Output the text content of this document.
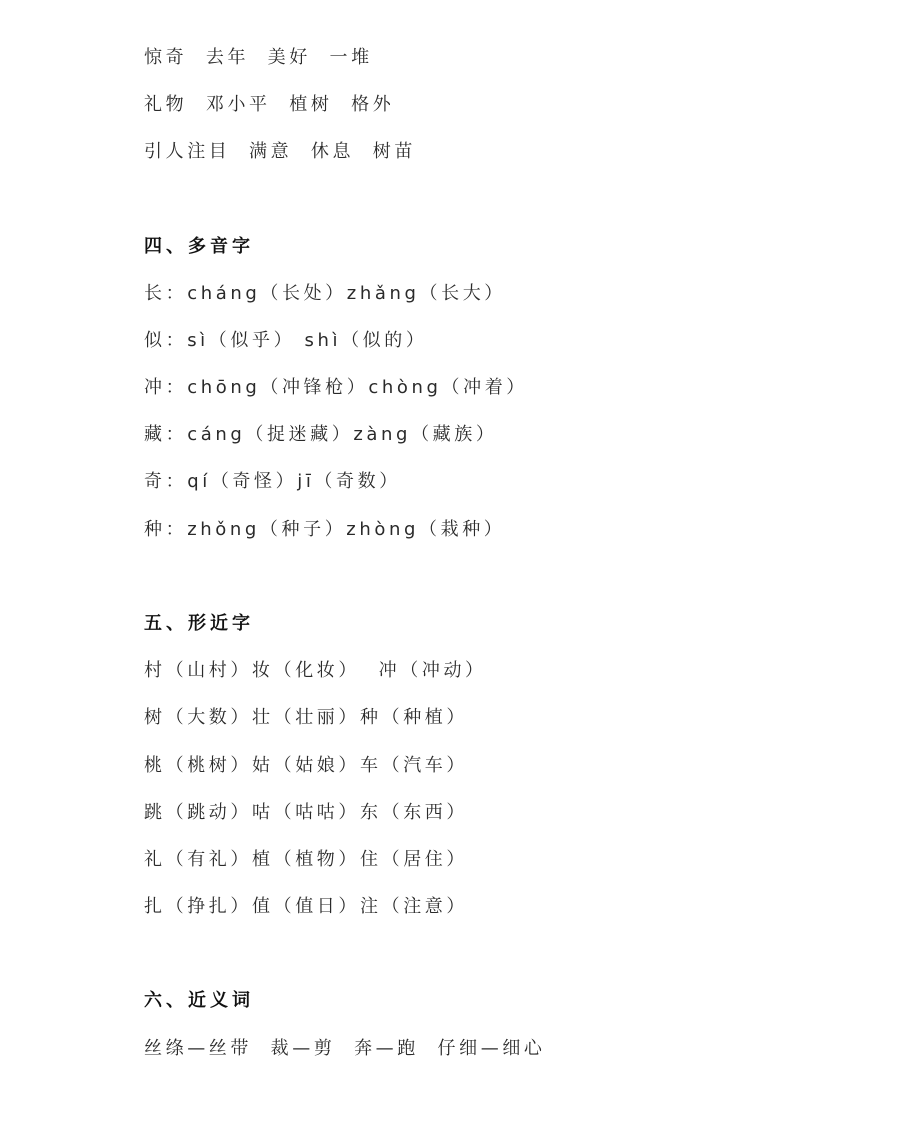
惊奇  去年  美好  一堆
礼物  邓小平  植树  格外
引人注目  满意  休息  树苗
四、多音字
长：cháng（长处）zhǎng（长大）
似：sì（似乎） shì（似的）
冲：chōng（冲锋枪）chòng（冲着）
藏：cáng（捉迷藏）zàng（藏族）
奇：qí（奇怪）jī（奇数）
种：zhǒng（种子）zhòng（栽种）
五、形近字
村（山村）妆（化妆）  冲（冲动）
树（大数）壮（壮丽）种（种植）
桃（桃树）姑（姑娘）车（汽车）
跳（跳动）咕（咕咕）东（东西）
礼（有礼）植（植物）住（居住）
扎（挣扎）值（值日）注（注意）
六、近义词
丝绦—丝带  裁—剪  奔—跑  仔细—细心
